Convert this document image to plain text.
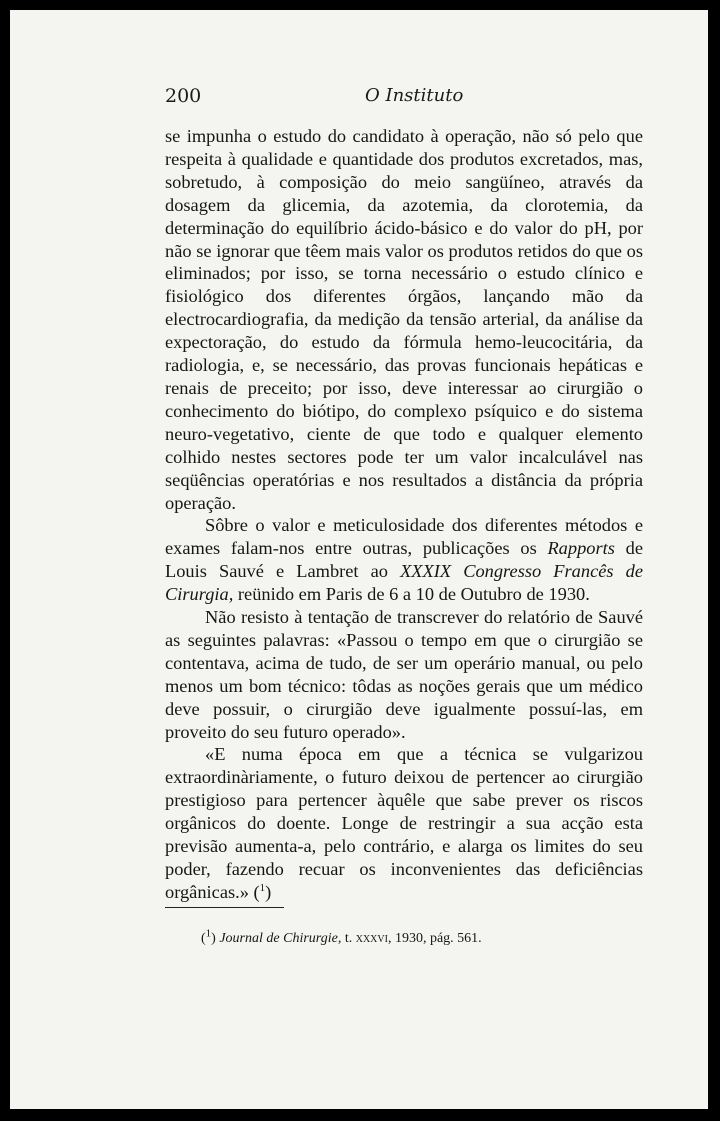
200	O Instituto

se impunha o estudo do candidato à operação, não só pelo que respeita à qualidade e quantidade dos produtos excretados, mas, sobretudo, à composição do meio sangüíneo, através da dosagem da glicemia, da azotemia, da clorotemia, da determinação do equilíbrio ácido-básico e do valor do pH, por não se ignorar que têem mais valor os produtos retidos do que os eliminados; por isso, se torna necessário o estudo clínico e fisiológico dos diferentes órgãos, lançando mão da electrocardiografia, da medição da tensão arterial, da análise da expectoração, do estudo da fórmula hemo-leucocitária, da radiologia, e, se necessário, das provas funcionais hepáticas e renais de preceito; por isso, deve interessar ao cirurgião o conhecimento do biótipo, do complexo psíquico e do sistema neuro-vegetativo, ciente de que todo e qualquer elemento colhido nestes sectores pode ter um valor incalculável nas seqüências operatórias e nos resultados a distância da própria operação.

Sôbre o valor e meticulosidade dos diferentes métodos e exames falam-nos entre outras, publicações os Rapports de Louis Sauvé e Lambret ao XXXIX Congresso Francês de Cirurgia, reünido em Paris de 6 a 10 de Outubro de 1930.

Não resisto à tentação de transcrever do relatório de Sauvé as seguintes palavras: «Passou o tempo em que o cirurgião se contentava, acima de tudo, de ser um operário manual, ou pelo menos um bom técnico: tôdas as noções gerais que um médico deve possuir, o cirurgião deve igualmente possuí-las, em proveito do seu futuro operado».

«E numa época em que a técnica se vulgarizou extraordinàriamente, o futuro deixou de pertencer ao cirurgião prestigioso para pertencer àquêle que sabe prever os riscos orgânicos do doente. Longe de restringir a sua acção esta previsão aumenta-a, pelo contrário, e alarga os limites do seu poder, fazendo recuar os inconvenientes das deficiências orgânicas.» ($^1$)

($^1$) Journal de Chirurgie, t. xxxvi, 1930, pág. 561.
